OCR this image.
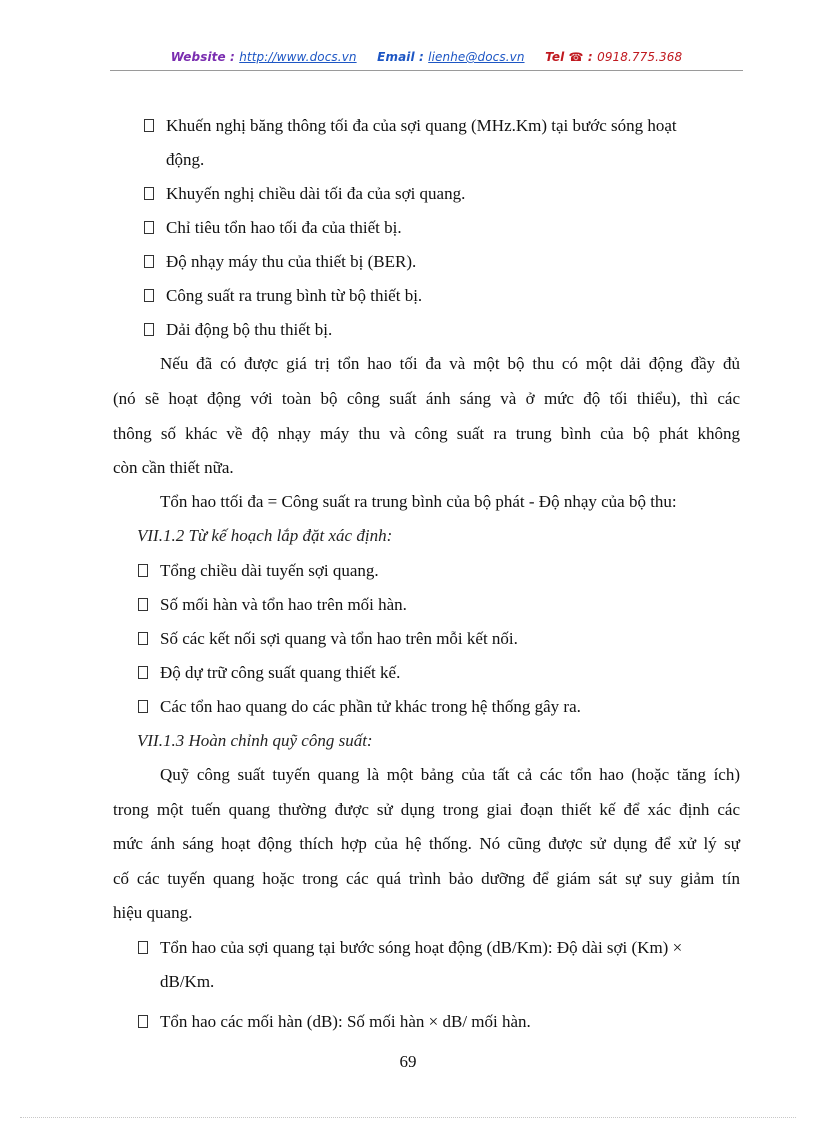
Website : http://www.docs.vn Email : lienhe@docs.vn Tel ☎ : 0918.775.368
Khuến nghị băng thông tối đa của sợi quang (MHz.Km) tại bước sóng hoạt
động.
Khuyến nghị chiều dài tối đa của sợi quang.
Chỉ tiêu tổn hao tối đa của thiết bị.
Độ nhạy máy thu của thiết bị (BER).
Công suất ra trung bình từ bộ thiết bị.
Dải động bộ thu thiết bị.
Nếu đã có được giá trị tổn hao tối đa và một bộ thu có một dải động đầy đủ
(nó sẽ hoạt động với toàn bộ công suất ánh sáng và ở mức độ tối thiểu), thì các
thông số khác về độ nhạy máy thu và công suất ra trung bình của bộ phát không
còn cần thiết nữa.
Tổn hao ttối đa = Công suất ra trung bình của bộ phát - Độ nhạy của bộ thu:
VII.1.2 Từ kế hoạch lắp đặt xác định:
Tổng chiều dài tuyến sợi quang.
Số mối hàn và tổn hao trên mối hàn.
Số các kết nối sợi quang và tổn hao trên mỗi kết nối.
Độ dự trữ công suất quang thiết kế.
Các tổn hao quang do các phần tử khác trong hệ thống gây ra.
VII.1.3 Hoàn chỉnh quỹ công suất:
Quỹ công suất tuyến quang là một bảng của tất cả các tổn hao (hoặc tăng ích)
trong một tuến quang thường được sử dụng trong giai đoạn thiết kế để xác định các
mức ánh sáng hoạt động thích hợp của hệ thống. Nó cũng được sử dụng để xử lý sự
cố các tuyến quang hoặc trong các quá trình bảo dưỡng để giám sát sự suy giảm tín
hiệu quang.
Tổn hao của sợi quang tại bước sóng hoạt động (dB/Km): Độ dài sợi (Km) ×
dB/Km.
Tổn hao các mối hàn (dB): Số mối hàn × dB/ mối hàn.
69
